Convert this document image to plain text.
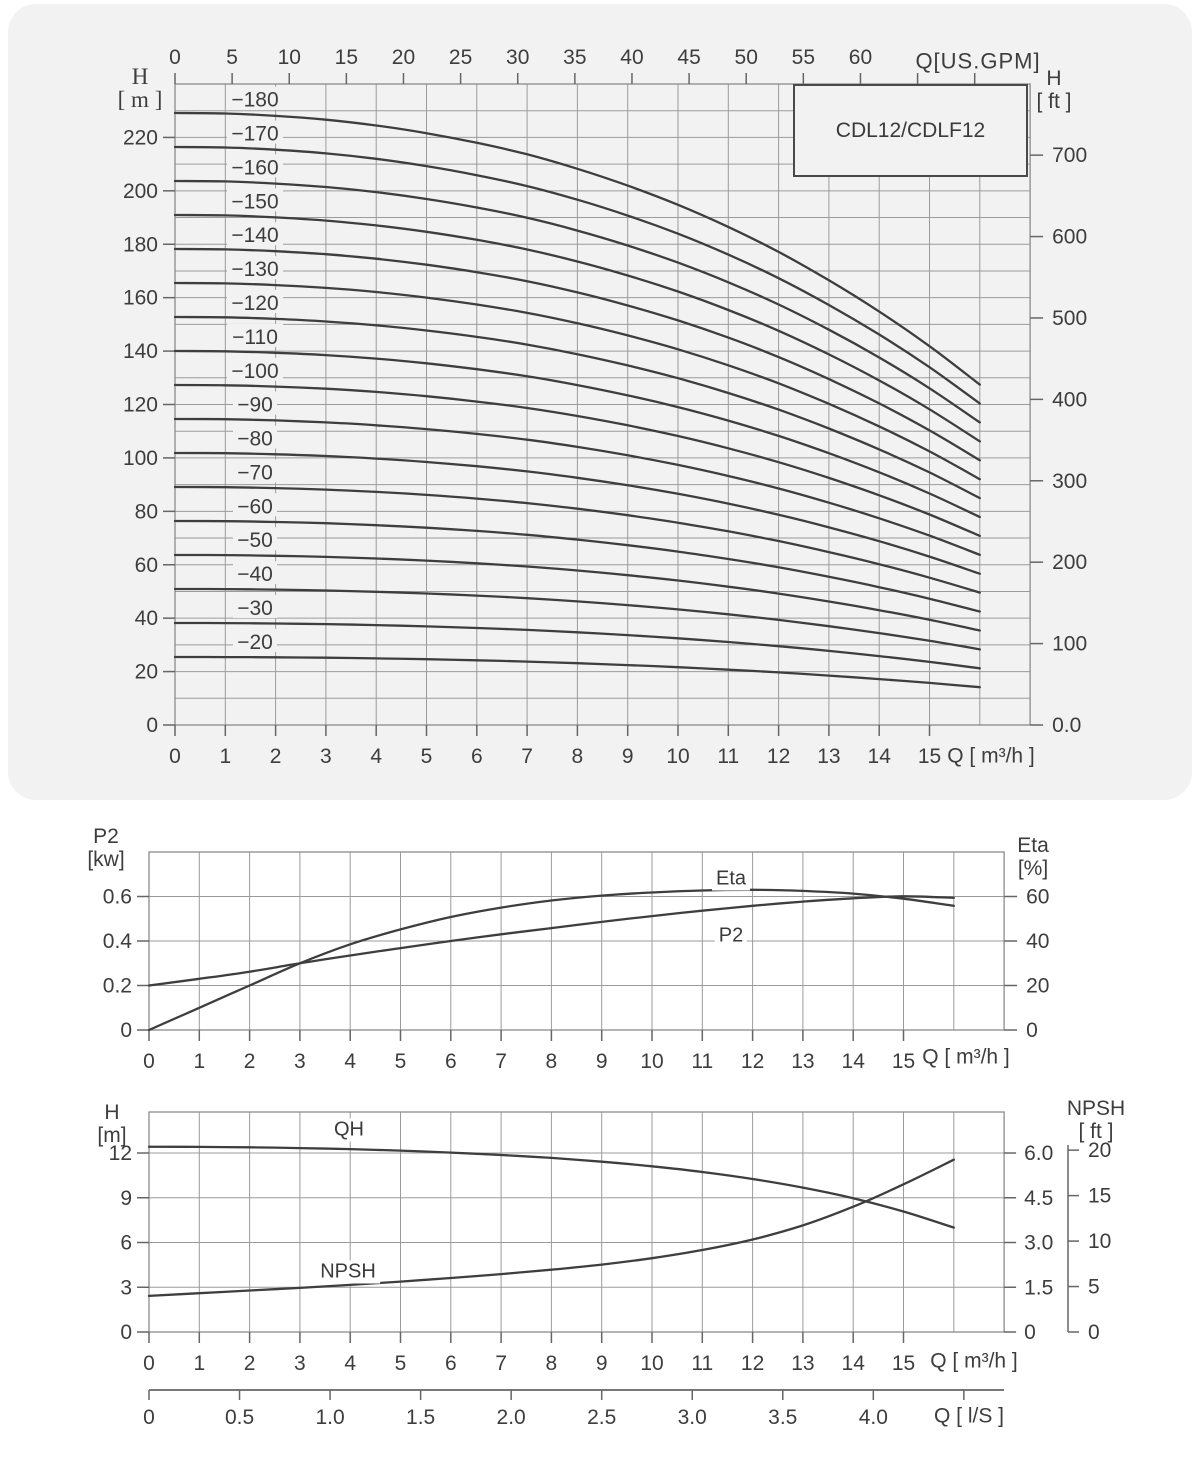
0
20
40
60
80
100
120
140
160
180
200
220
0 1 2 3 4 5 6 7 8 9 10 11 12 13 14 15
0 5 10 15 20 25 30 35 40 45 50 55 60
0.0
100
200
300
400
500
600
700
−20
−30
−40
−50
−60
−70
−80
−90
−100
−110
−120
−130
−140
−150
−160
−170
−180
0
0.2
0.4
0.6
0
20
40
60
0 1 2 3 4 5 6 7 8 9 10 11 12 13 14 15
0
3
6
9
12
0
1.5
3.0
4.5
6.0
0 1 2 3 4 5 6 7 8 9 10 11 12 13 14 15
0
5
10
15
20
0	0.5	1.0	1.5	2.0	2.5	3.0	3.5	4.0
H
[ m ]
Q[US.GPM]
H
[ ft ]
Q [ m³/h ]
CDL12/CDLF12
P2
[kw]
Eta
[%]
Q [ m³/h ]
Eta
P2
H
[m]
NPSH
[ ft ]
Q [ m³/h ]
Q [ l/S ]
QH
NPSH
